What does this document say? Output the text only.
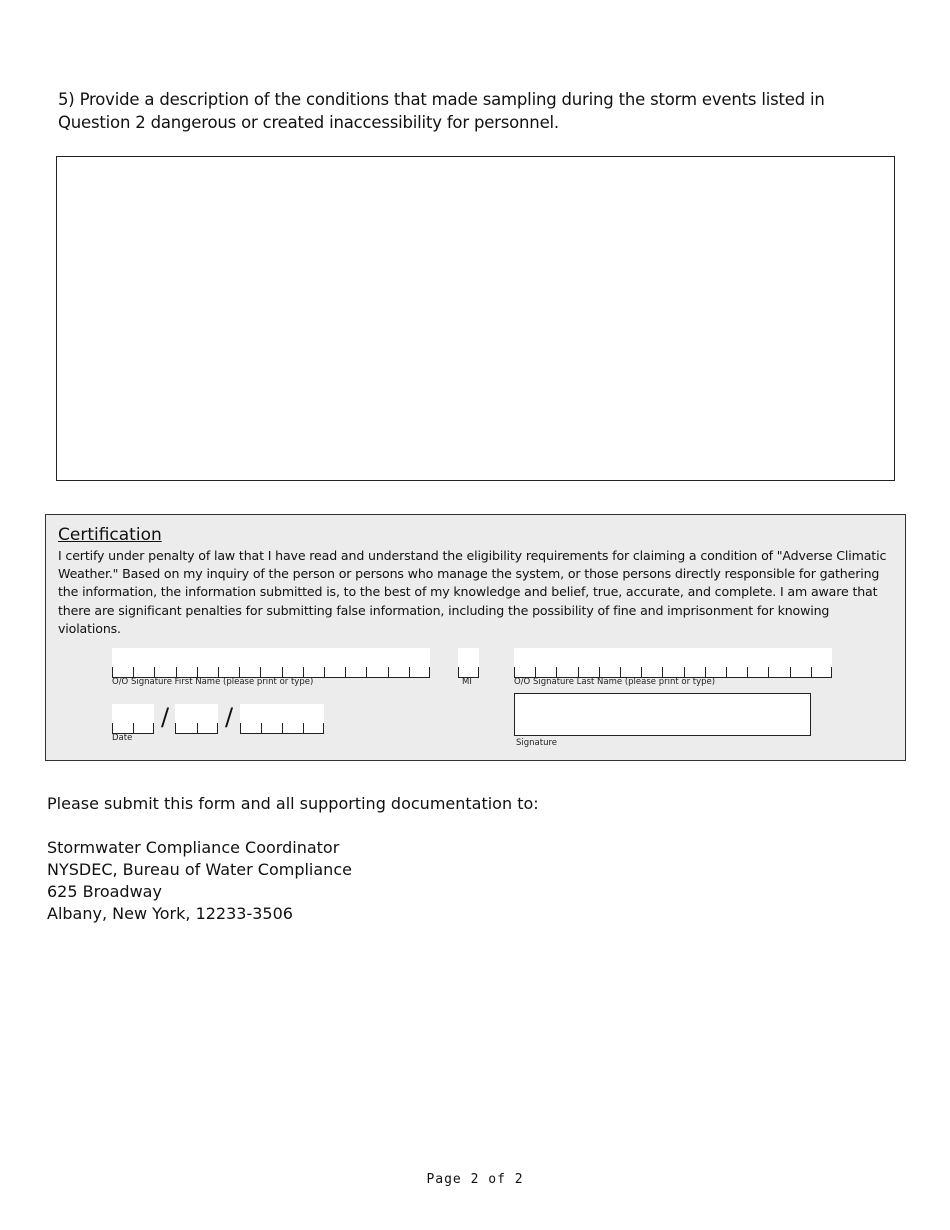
5) Provide a description of the conditions that made sampling during the storm events listed in Question 2 dangerous or created inaccessibility for personnel.
Certification
I certify under penalty of law that I have read and understand the eligibility requirements for claiming a condition of "Adverse Climatic Weather." Based on my inquiry of the person or persons who manage the system, or those persons directly responsible for gathering the information, the information submitted is, to the best of my knowledge and belief, true, accurate, and complete. I am aware that there are significant penalties for submitting false information, including the possibility of fine and imprisonment for knowing violations.
O/O Signature First Name (please print or type)	MI	O/O Signature Last Name (please print or type)
/ /
Date	Signature
Please submit this form and all supporting documentation to:
Stormwater Compliance Coordinator
NYSDEC, Bureau of Water Compliance
625 Broadway
Albany, New York, 12233-3506
Page 2 of 2
